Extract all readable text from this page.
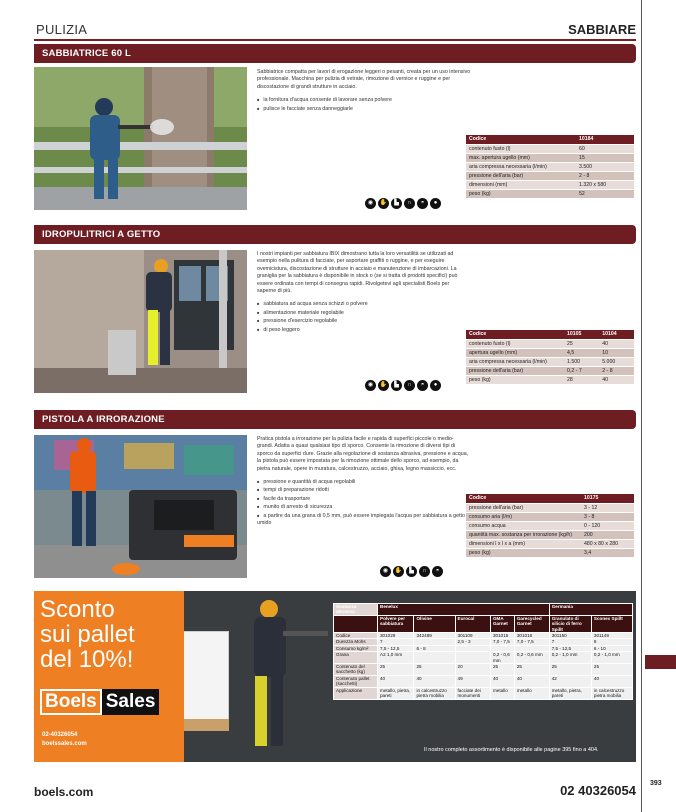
PULIZIA	SABBIARE
393
SABBIATRICE 60 L

Sabbiatrice compatta per lavori di erogazione leggeri o pesanti, creata per un uso intensivo professionale. Macchina per pulizia di vetrate, rimozione di vernice e ruggine e per discostazione di grandi strutture in acciaio.

■ la fornitura d'acqua consente di lavorare senza polvere
■ pulisce le facciate senza danneggiarle
Codice	10184
contenuto fusto (l)	60
max. apertura ugello (mm)	15
aria compressa necessaria (l/min)	3.500
pressione dell'aria (bar)	2 - 8
dimensioni (mm)	1.320 x 580
peso (kg)	52
◉	✋	▙	∩	◓	●
IDROPULITRICI A GETTO

I nostri impianti per sabbiatura IBIX dimostrano tutta la loro versatilità se utilizzati ad esempio nella pulitura di facciate, per asportare graffiti o ruggine, e per eseguire ovemicistura, discostazione di strutture in acciaio e manutenzione di imbarcazioni. La graniglia per la sabbiatura è disponibile in stock o (se si tratta di prodotti specifici) può essere ordinata con tempi di consegna rapidi. Rivolgetevi agli specialisti Boels per saperne di più.

■ sabbiatura ad acqua senza schizzi o polvere
■ alimentazione materiale regolabile
■ pressione d'esercizio regolabile
■ di peso leggero
Codice	10105	10104
contenuto fusto (l)	25	40
apertura ugello (mm)	4,5	10
aria compressa necessaria (l/min)	1.500	5.000
pressione dell'aria (bar)	0,2 - 7	2 - 8
peso (kg)	28	40
◉	✋	▙	∩	◓	●
PISTOLA A IRRORAZIONE

Pratica pistola a irrorazione per la pulizia facile e rapida di superfici piccole o medio-grandi. Adatta a quasi qualsiasi tipo di sporco. Consente la rimozione di diversi tipi di sporco da superfici dure. Grazie alla regolazione di sostanza abrasiva, pressione e acqua, la pistola può essere impostata per la rimozione ottimale dello sporco, ad esempio, da pietra naturale, opere in muratura, calcestruzzo, acciaio, ghisa, legno massiccio, ecc.

■ pressione e quantità di acqua regolabili
■ tempi di preparazione ridotti
■ facile da trasportare
■ munito di arresto di sicurezza
■ a partire da una grana di 0,5 mm, può essere impiegata l'acqua per sabbiatura a getto umido
Codice	10175
pressione dell'aria (bar)	3 - 12
consumo aria (l/m)	3 - 8
consumo acqua	0 - 120
quantità max. sostanza per irrorazione (kg/h)	200
dimensioni l x l x a (mm)	480 x 80 x 280
peso (kg)	3,4
◉	✋	▙	∩	◓
Sconto
sui pallet
del 10%!
Boels Sales
02-40326054
boelssales.com
Sostanza abrasiva	Benelux					Germania	
	Polvere per sabbiatura	Olivine	Eurocal	GMA Garnet	Garecycled Garnet	Granulato di silicio di ferro Spillt	Sconex Spillt
Codice	301029	342489	301109	301015	301016	301150	301149
Durezza Mohs	7		2,5 - 3	7,0 - 7,5	7,0 - 7,5	7	6
Consumo kg/m²	7,5 - 12,5	6 - 8				7,5 - 12,5	6 - 10
Grana	A2 1,0 mm			0,2 - 0,6 mm	0,2 - 0,6 mm	0,2 - 1,0 mm	0,2 - 1,0 mm
Contenuto del sacchetto (kg)	25	25	20	25	25	25	25
Contenuto pallet (sacchetti)	40	40	49	40	40	42	40
Applicazione	metallo, pietra, pareti	in calcestruzzo pietra mobilia	facciate dei monumenti	metallo	metallo	metallo, pietra, pareti	in calcestruzzo pietra mobilia
Il nostro completo assortimento è disponibile alle pagine 395 fino a 404.
boels.com	02 40326054
